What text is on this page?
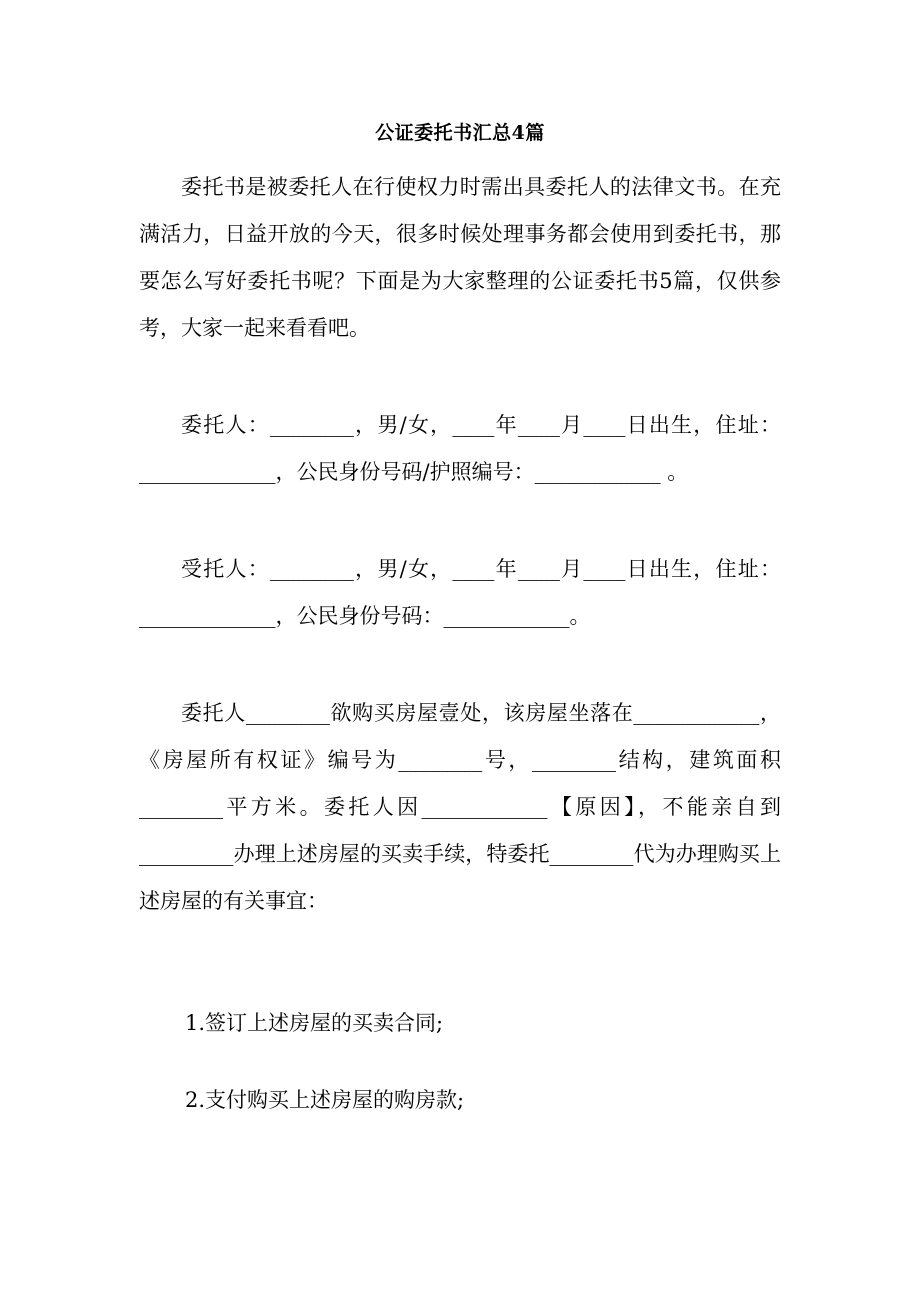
公证委托书汇总4篇

委托书是被委托人在行使权力时需出具委托人的法律文书。在充满活力，日益开放的今天，很多时候处理事务都会使用到委托书，那要怎么写好委托书呢？下面是为大家整理的公证委托书5篇，仅供参考，大家一起来看看吧。

委托人：________，男/女，____年____月____日出生，住址：_____________，公民身份号码/护照编号：____________ 。

受托人：________，男/女，____年____月____日出生，住址：_____________，公民身份号码：____________。

委托人________欲购买房屋壹处，该房屋坐落在____________，《房屋所有权证》编号为________号，________结构，建筑面积________平方米。委托人因____________【原因】，不能亲自到_________办理上述房屋的买卖手续，特委托________代为办理购买上述房屋的有关事宜：

1.签订上述房屋的买卖合同;

2.支付购买上述房屋的购房款;
